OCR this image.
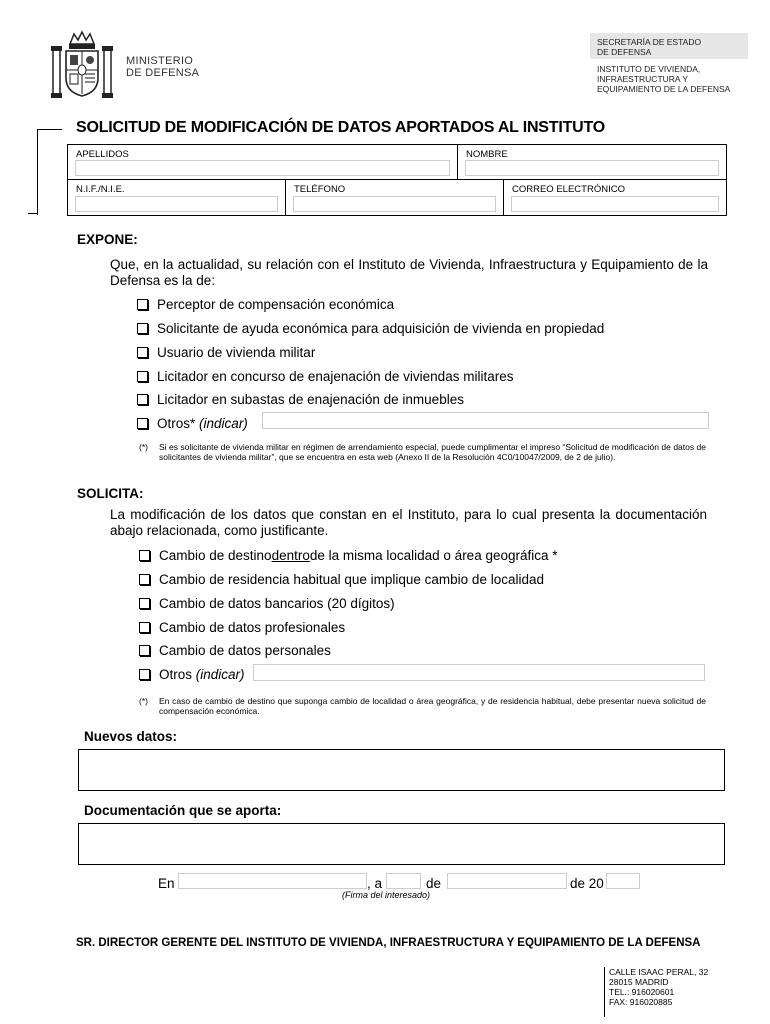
MINISTERIO
DE DEFENSA
SECRETARÍA DE ESTADO
DE DEFENSA
INSTITUTO DE VIVIENDA,
INFRAESTRUCTURA Y
EQUIPAMIENTO DE LA DEFENSA
SOLICITUD DE MODIFICACIÓN DE DATOS APORTADOS AL INSTITUTO
APELLIDOS	NOMBRE
N.I.F./N.I.E.	TELÉFONO	CORREO ELECTRÓNICO
EXPONE:
Que, en la actualidad, su relación con el Instituto de Vivienda, Infraestructura y Equipamiento de la Defensa es la de:
Perceptor de compensación económica
Solicitante de ayuda económica para adquisición de vivienda en propiedad
Usuario de vivienda militar
Licitador en concurso de enajenación de viviendas militares
Licitador en subastas de enajenación de inmuebles
Otros *
(indicar)
(*) Si es solicitante de vivienda militar en régimen de arrendamiento especial, puede cumplimentar el impreso “Solicitud de modificación de datos de solicitantes de vivienda militar”, que se encuentra en esta web (Anexo II de la Resolución 4C0/10047/2009, de 2 de julio).
SOLICITA:
La modificación de los datos que constan en el Instituto, para lo cual presenta la documentación abajo relacionada, como justificante.
Cambio de destino dentro de la misma localidad o área geográfica *
Cambio de residencia habitual que implique cambio de localidad
Cambio de datos bancarios (20 dígitos)
Cambio de datos profesionales
Cambio de datos personales
Otros
(indicar)
(*) En caso de cambio de destino que suponga cambio de localidad o área geográfica, y de residencia habitual, debe presentar nueva solicitud de compensación económica.
Nuevos datos:
Documentación que se aporta:
En	, a	de	de 20
(Firma del interesado)
SR. DIRECTOR GERENTE DEL INSTITUTO DE VIVIENDA, INFRAESTRUCTURA Y EQUIPAMIENTO DE LA DEFENSA
CALLE ISAAC PERAL, 32
28015 MADRID
TEL.: 916020601
FAX: 916020885
